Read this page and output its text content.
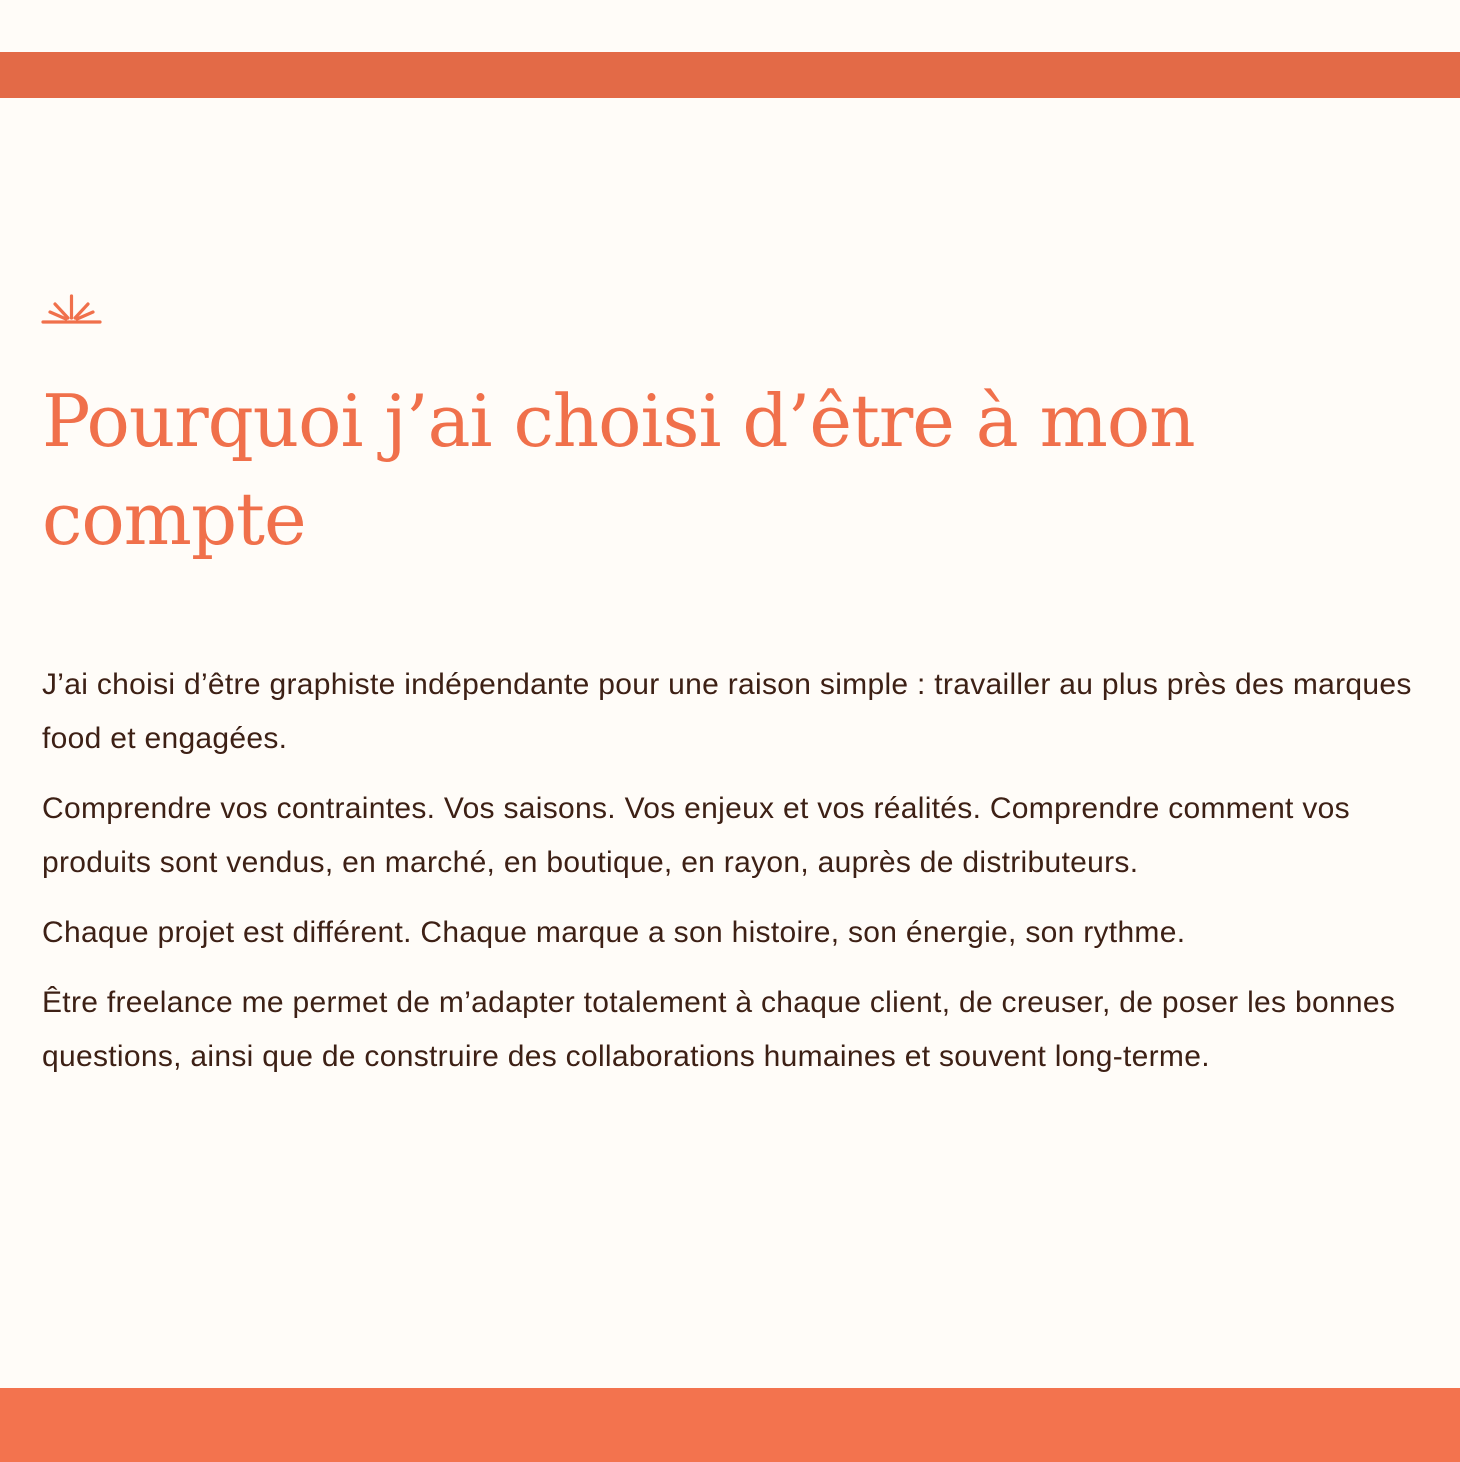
Pourquoi j’ai choisi d’être à mon compte

J’ai choisi d’être graphiste indépendante pour une raison simple : travailler au plus près des marques food et engagées.

Comprendre vos contraintes. Vos saisons. Vos enjeux et vos réalités. Comprendre comment vos produits sont vendus, en marché, en boutique, en rayon, auprès de distributeurs.

Chaque projet est différent. Chaque marque a son histoire, son énergie, son rythme.

Être freelance me permet de m’adapter totalement à chaque client, de creuser, de poser les bonnes questions, ainsi que de construire des collaborations humaines et souvent long-terme.
